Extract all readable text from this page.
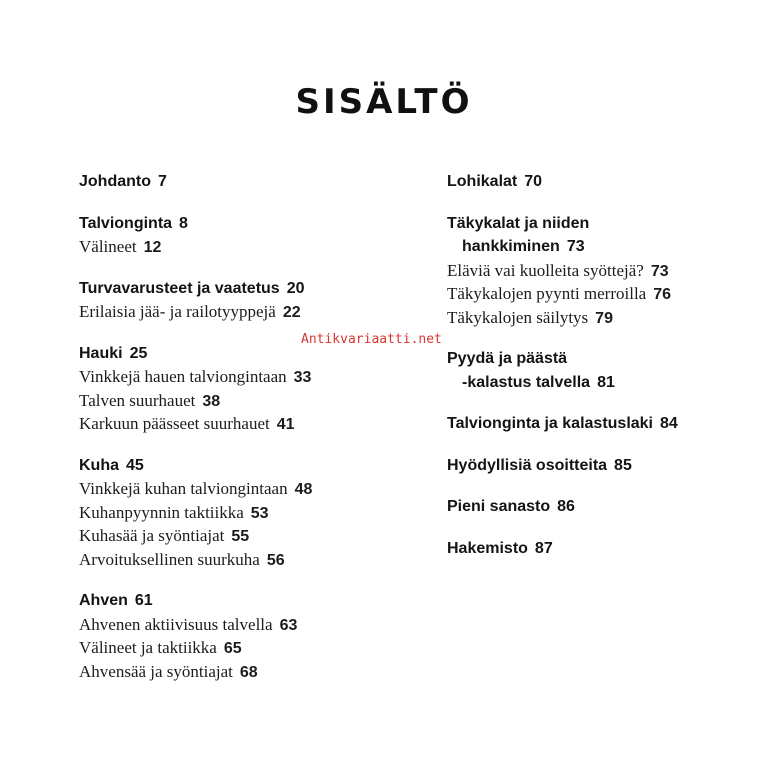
SISÄLTÖ
Johdanto 7
Talvionginta 8
Välineet 12
Turvavarusteet ja vaatetus 20
Erilaisia jää- ja railotyyppejä 22
Hauki 25
Vinkkejä hauen talviongintaan 33
Talven suurhauet 38
Karkuun päässeet suurhauet 41
Kuha 45
Vinkkejä kuhan talviongintaan 48
Kuhanpyynnin taktiikka 53
Kuhasää ja syöntiajat 55
Arvoituksellinen suurkuha 56
Ahven 61
Ahvenen aktiivisuus talvella 63
Välineet ja taktiikka 65
Ahvensää ja syöntiajat 68
Lohikalat 70
Täkykalat ja niiden
hankkiminen 73
Eläviä vai kuolleita syöttejä? 73
Täkykalojen pyynti merroilla 76
Täkykalojen säilytys 79
Pyydä ja päästä
-kalastus talvella 81
Talvionginta ja kalastuslaki 84
Hyödyllisiä osoitteita 85
Pieni sanasto 86
Hakemisto 87
Antikvariaatti.net
